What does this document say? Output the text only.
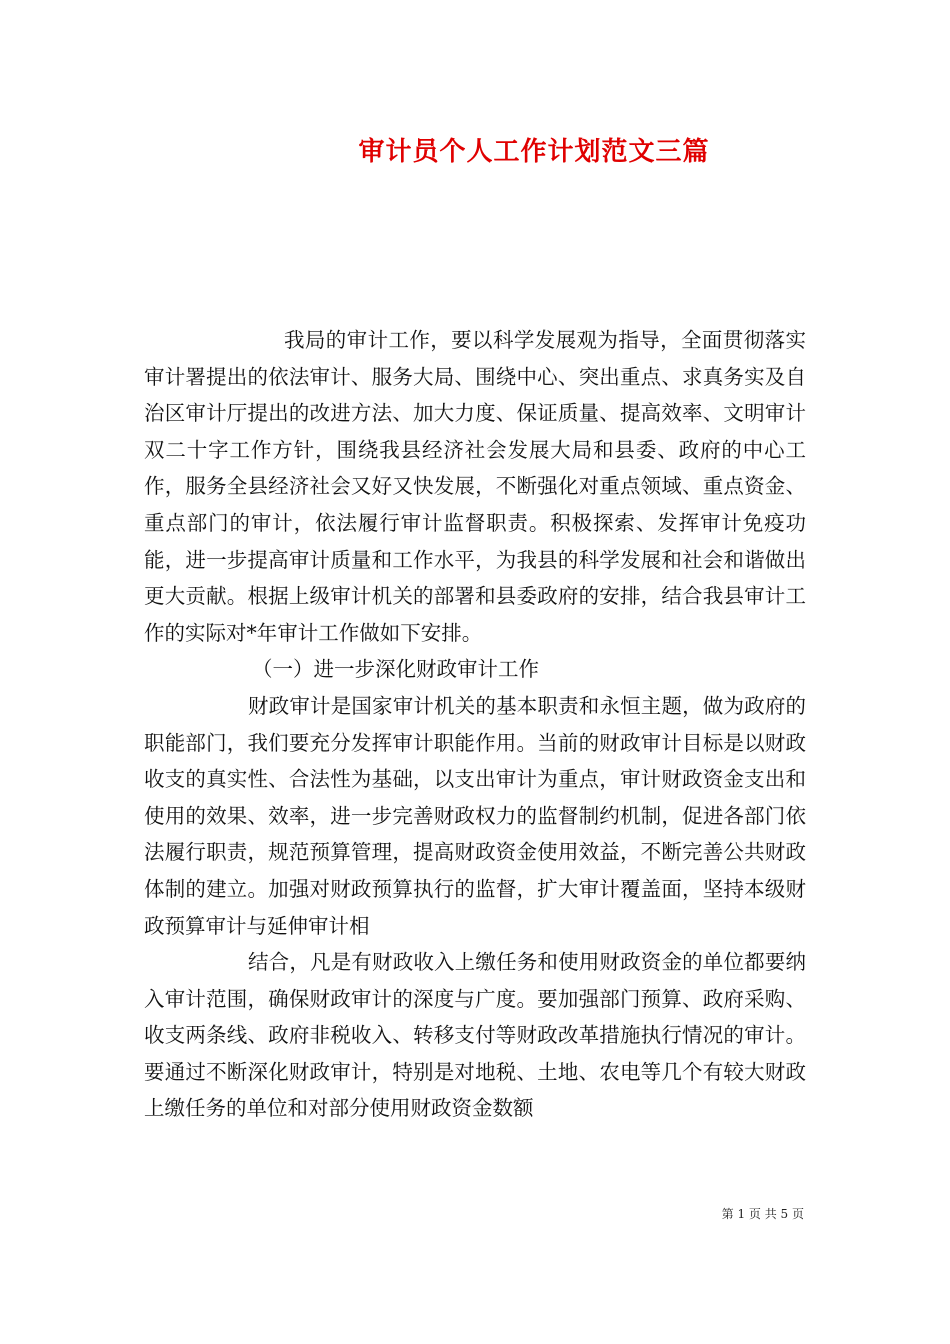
审计员个人工作计划范文三篇

我局的审计工作，要以科学发展观为指导，全面贯彻落实审计署提出的依法审计、服务大局、围绕中心、突出重点、求真务实及自治区审计厅提出的改进方法、加大力度、保证质量、提高效率、文明审计双二十字工作方针，围绕我县经济社会发展大局和县委、政府的中心工作，服务全县经济社会又好又快发展，不断强化对重点领域、重点资金、重点部门的审计，依法履行审计监督职责。积极探索、发挥审计免疫功能，进一步提高审计质量和工作水平，为我县的科学发展和社会和谐做出更大贡献。根据上级审计机关的部署和县委政府的安排，结合我县审计工作的实际对*年审计工作做如下安排。

（一）进一步深化财政审计工作

财政审计是国家审计机关的基本职责和永恒主题，做为政府的职能部门，我们要充分发挥审计职能作用。当前的财政审计目标是以财政收支的真实性、合法性为基础，以支出审计为重点，审计财政资金支出和使用的效果、效率，进一步完善财政权力的监督制约机制，促进各部门依法履行职责，规范预算管理，提高财政资金使用效益，不断完善公共财政体制的建立。加强对财政预算执行的监督，扩大审计覆盖面，坚持本级财政预算审计与延伸审计相

结合，凡是有财政收入上缴任务和使用财政资金的单位都要纳入审计范围，确保财政审计的深度与广度。要加强部门预算、政府采购、收支两条线、政府非税收入、转移支付等财政改革措施执行情况的审计。要通过不断深化财政审计，特别是对地税、土地、农电等几个有较大财政上缴任务的单位和对部分使用财政资金数额

第 1 页 共 5 页
